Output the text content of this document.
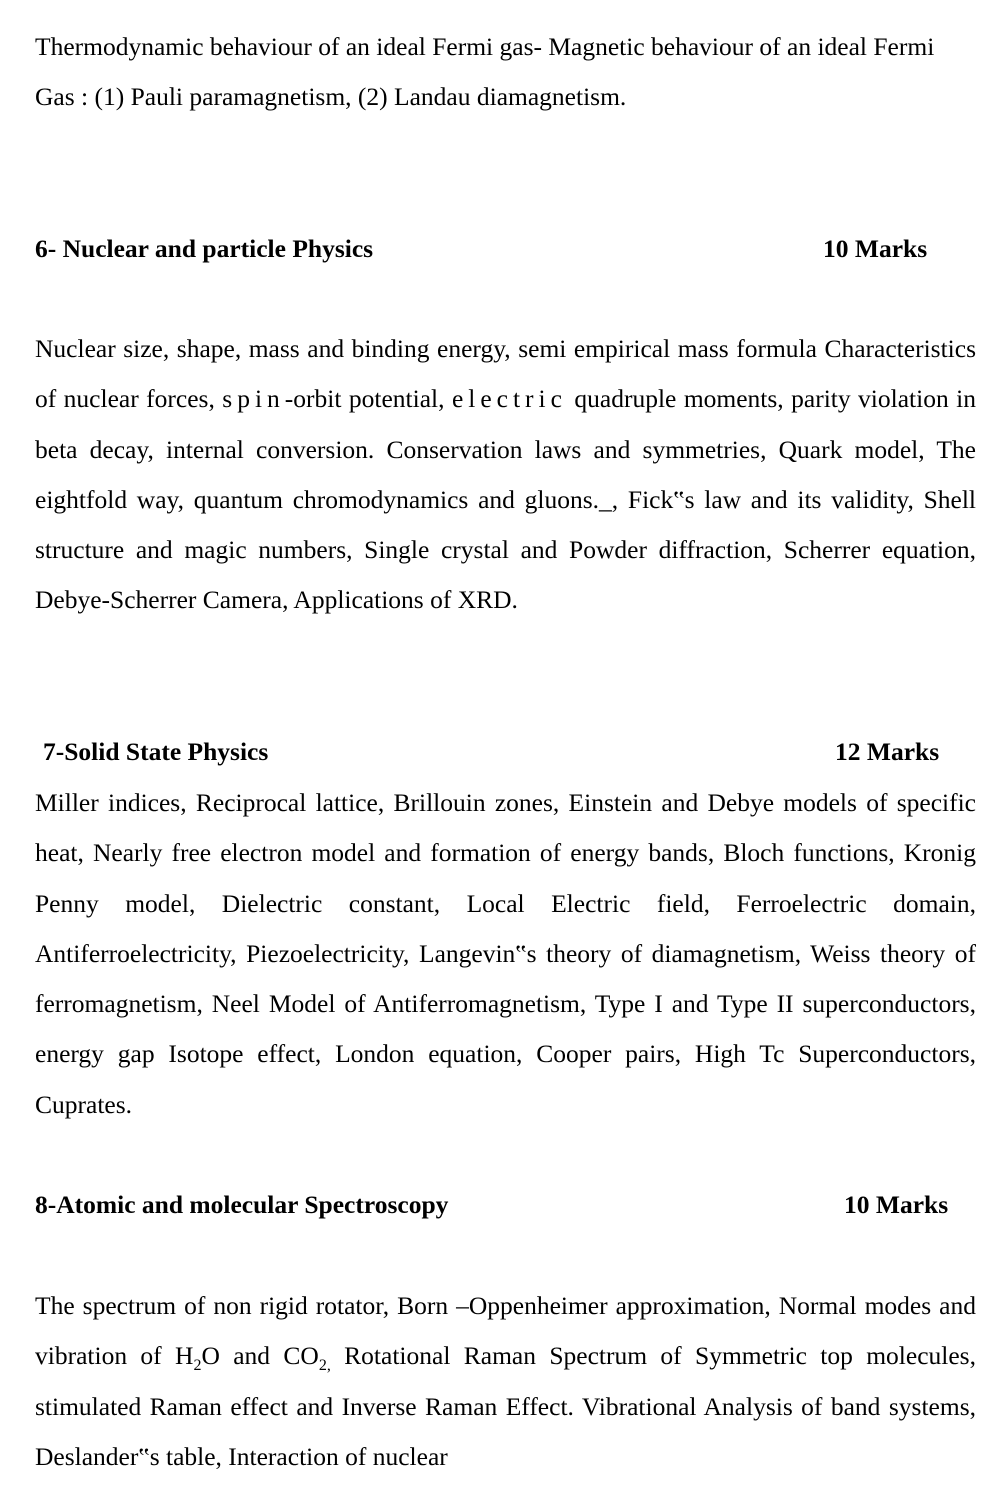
Thermodynamic behaviour of an ideal Fermi gas- Magnetic behaviour of an ideal Fermi Gas : (1) Pauli paramagnetism, (2) Landau diamagnetism.

6- Nuclear and particle Physics	10 Marks

Nuclear size, shape, mass and binding energy, semi empirical mass formula Characteristics of nuclear forces, spin-orbit potential, electric quadruple moments, parity violation in beta decay, internal conversion. Conservation laws and symmetries, Quark model, The eightfold way, quantum chromodynamics and gluons._, Fick‟s law and its validity, Shell structure and magic numbers, Single crystal and Powder diffraction, Scherrer equation, Debye-Scherrer Camera, Applications of XRD.

7-Solid State Physics	12 Marks

Miller indices, Reciprocal lattice, Brillouin zones, Einstein and Debye models of specific heat, Nearly free electron model and formation of energy bands, Bloch functions, Kronig Penny model, Dielectric constant, Local Electric field, Ferroelectric domain, Antiferroelectricity, Piezoelectricity, Langevin‟s theory of diamagnetism, Weiss theory of ferromagnetism, Neel Model of Antiferromagnetism, Type I and Type II superconductors, energy gap Isotope effect, London equation, Cooper pairs, High Tc Superconductors, Cuprates.

8-Atomic and molecular Spectroscopy	10 Marks

The spectrum of non rigid rotator, Born –Oppenheimer approximation, Normal modes and vibration of $H_2O$ and $CO_{2,}$ Rotational Raman Spectrum of Symmetric top molecules, stimulated Raman effect and Inverse Raman Effect. Vibrational Analysis of band systems, Deslander‟s table, Interaction of nuclear
